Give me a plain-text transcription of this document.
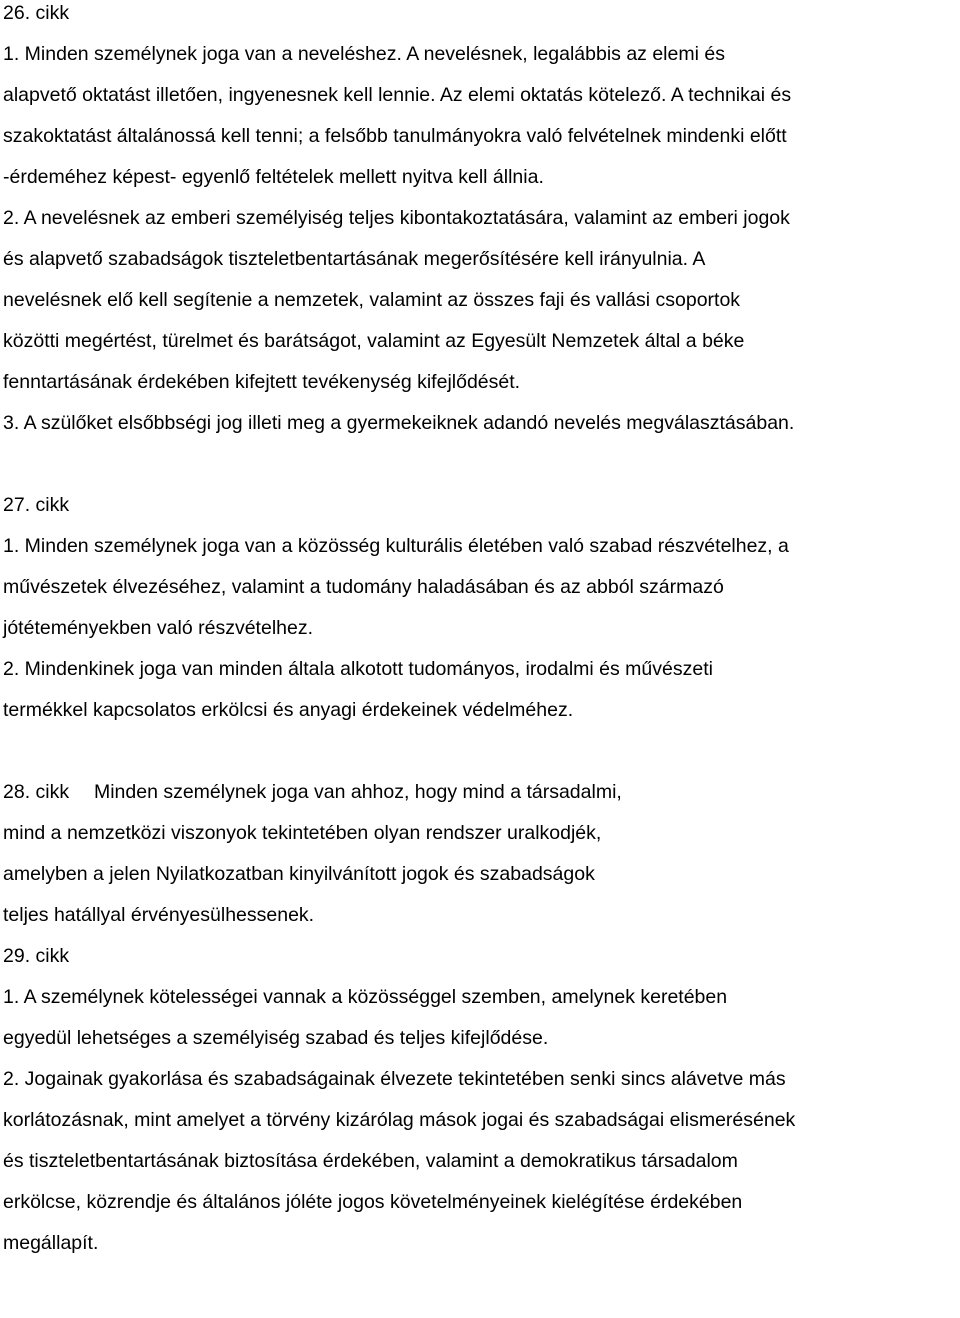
26. cikk
1. Minden személynek joga van a neveléshez. A nevelésnek, legalábbis az elemi és
alapvető oktatást illetően, ingyenesnek kell lennie. Az elemi oktatás kötelező. A technikai és
szakoktatást általánossá kell tenni; a felsőbb tanulmányokra való felvételnek mindenki előtt
-érdeméhez képest- egyenlő feltételek mellett nyitva kell állnia.
2. A nevelésnek az emberi személyiség teljes kibontakoztatására, valamint az emberi jogok
és alapvető szabadságok tiszteletbentartásának megerősítésére kell irányulnia. A
nevelésnek elő kell segítenie a nemzetek, valamint az összes faji és vallási csoportok
közötti megértést, türelmet és barátságot, valamint az Egyesült Nemzetek által a béke
fenntartásának érdekében kifejtett tevékenység kifejlődését.
3. A szülőket elsőbbségi jog illeti meg a gyermekeiknek adandó nevelés megválasztásában.
27. cikk
1. Minden személynek joga van a közösség kulturális életében való szabad részvételhez, a
művészetek élvezéséhez, valamint a tudomány haladásában és az abból származó
jótéteményekben való részvételhez.
2. Mindenkinek joga van minden általa alkotott tudományos, irodalmi és művészeti
termékkel kapcsolatos erkölcsi és anyagi érdekeinek védelméhez.
28. cikk Minden személynek joga van ahhoz, hogy mind a társadalmi,
mind a nemzetközi viszonyok tekintetében olyan rendszer uralkodjék,
amelyben a jelen Nyilatkozatban kinyilvánított jogok és szabadságok
teljes hatállyal érvényesülhessenek.
29. cikk
1. A személynek kötelességei vannak a közösséggel szemben, amelynek keretében
egyedül lehetséges a személyiség szabad és teljes kifejlődése.
2. Jogainak gyakorlása és szabadságainak élvezete tekintetében senki sincs alávetve más
korlátozásnak, mint amelyet a törvény kizárólag mások jogai és szabadságai elismerésének
és tiszteletbentartásának biztosítása érdekében, valamint a demokratikus társadalom
erkölcse, közrendje és általános jóléte jogos követelményeinek kielégítése érdekében
megállapít.
